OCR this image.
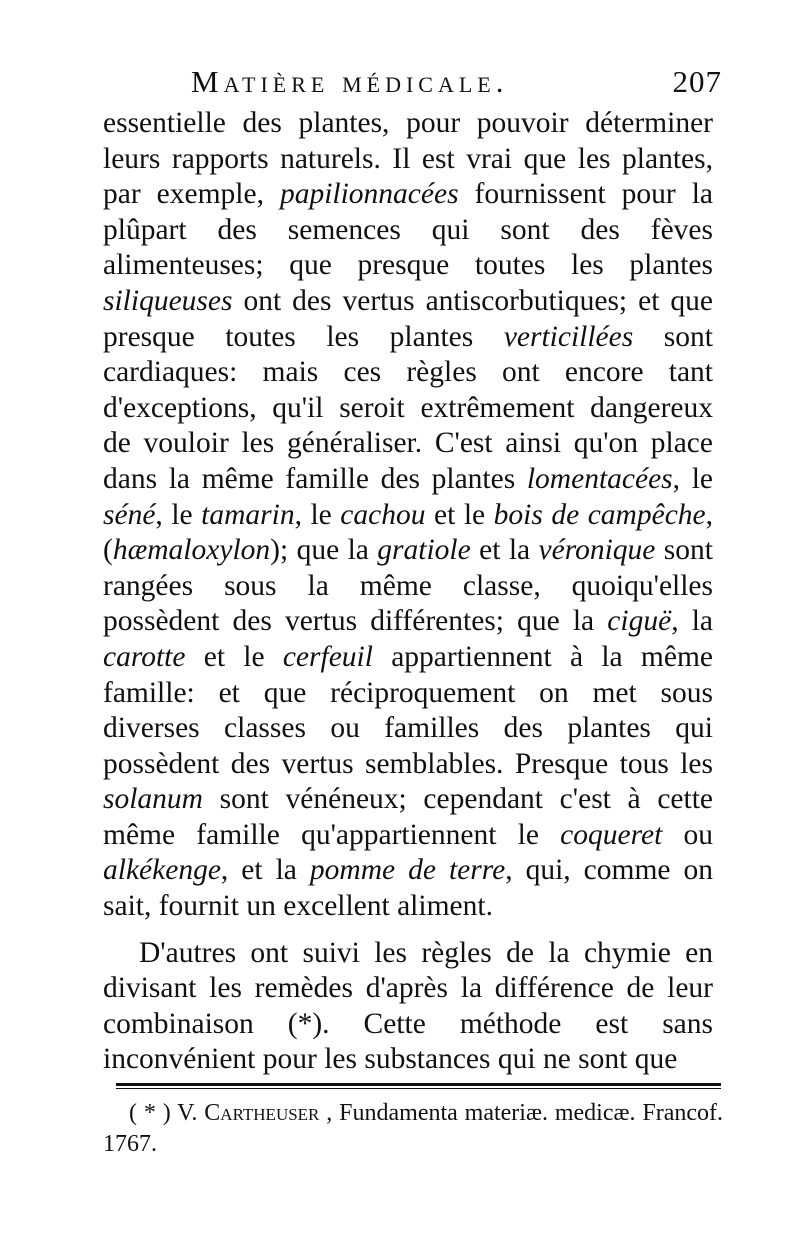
Matière médicale.	207

essentielle des plantes, pour pouvoir déterminer leurs rapports naturels. Il est vrai que les plantes, par exemple, papilionnacées fournissent pour la plûpart des semences qui sont des fèves alimenteuses; que presque toutes les plantes siliqueuses ont des vertus antiscorbutiques; et que presque toutes les plantes verticillées sont cardiaques: mais ces règles ont encore tant d'exceptions, qu'il seroit extrêmement dangereux de vouloir les généraliser. C'est ainsi qu'on place dans la même famille des plantes lomentacées, le séné, le tamarin, le cachou et le bois de campêche, (hæmaloxylon); que la gratiole et la véronique sont rangées sous la même classe, quoiqu'elles possèdent des vertus différentes; que la ciguë, la carotte et le cerfeuil appartiennent à la même famille: et que réciproquement on met sous diverses classes ou familles des plantes qui possèdent des vertus semblables. Presque tous les solanum sont vénéneux; cependant c'est à cette même famille qu'appartiennent le coqueret ou alkékenge, et la pomme de terre, qui, comme on sait, fournit un excellent aliment.

D'autres ont suivi les règles de la chymie en divisant les remèdes d'après la différence de leur combinaison (*). Cette méthode est sans inconvénient pour les substances qui ne sont que

( * ) V. Cartheuser , Fundamenta materiæ. medicæ. Francof. 1767.
